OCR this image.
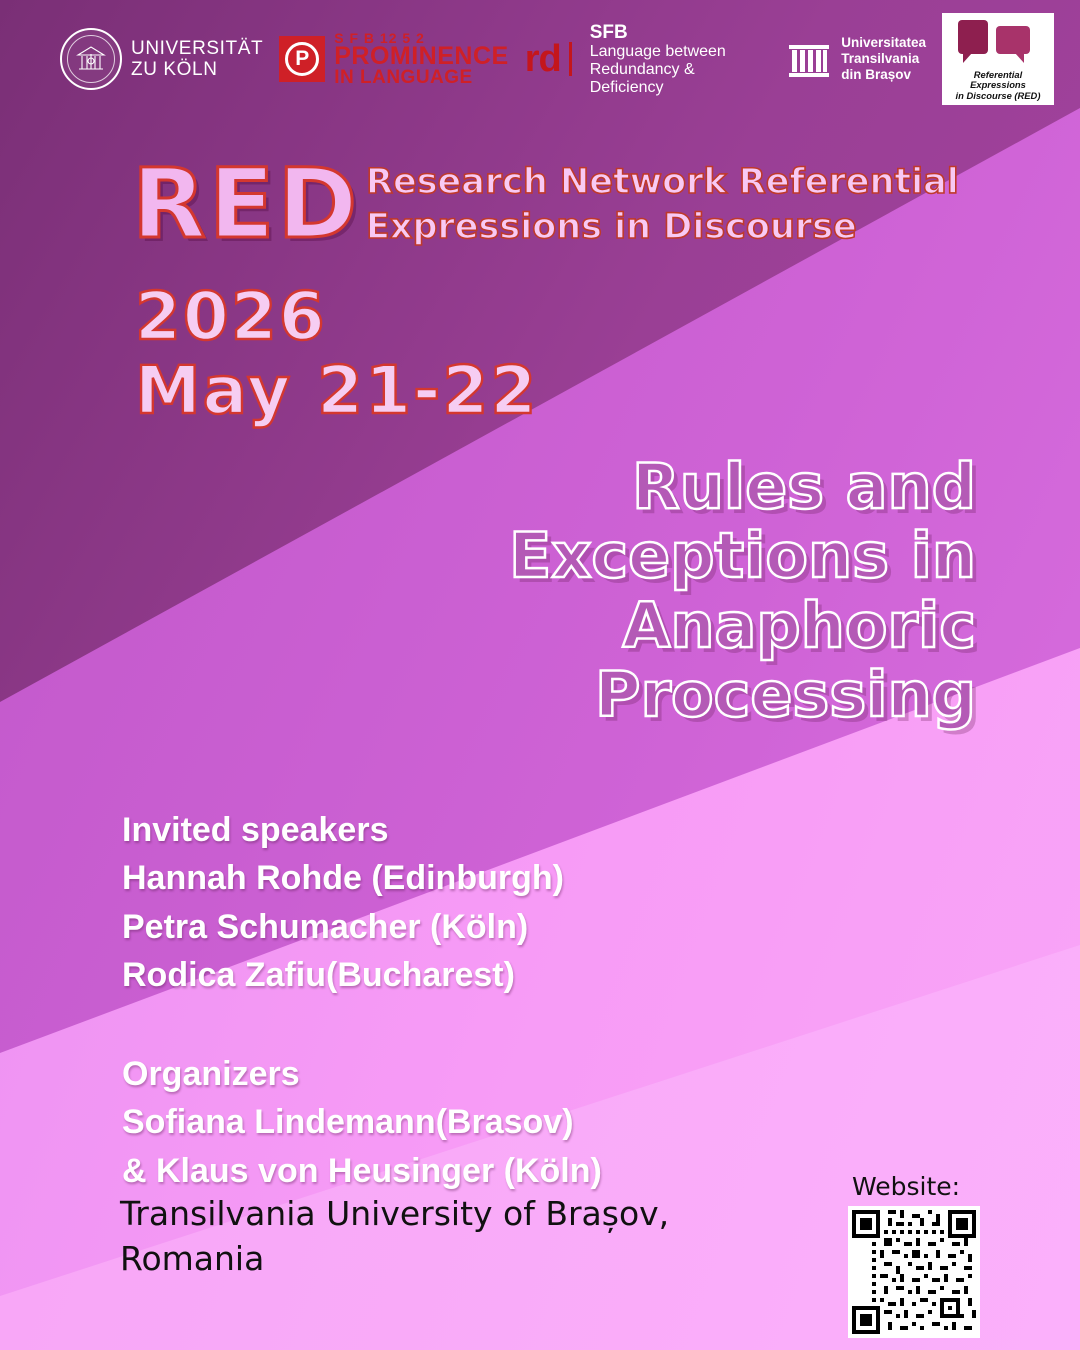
UNIVERSITÄT
ZU KÖLN	P
S F B 12 5 2
PROMINENCE
IN LANGUAGE	rd
SFB
Language between
Redundancy & Deficiency
Universitatea
Transilvania
din Brașov	Referential Expressions
in Discourse (RED)
RED Research Network Referential
Expressions in Discourse
2026
May 21-22
Rules and
Exceptions in
Anaphoric
Processing
Invited speakers
Hannah Rohde (Edinburgh)
Petra Schumacher (Köln)
Rodica Zafiu(Bucharest)
Organizers
Sofiana Lindemann(Brasov)
& Klaus von Heusinger (Köln)
Transilvania University of Brașov,
Romania
Website:
